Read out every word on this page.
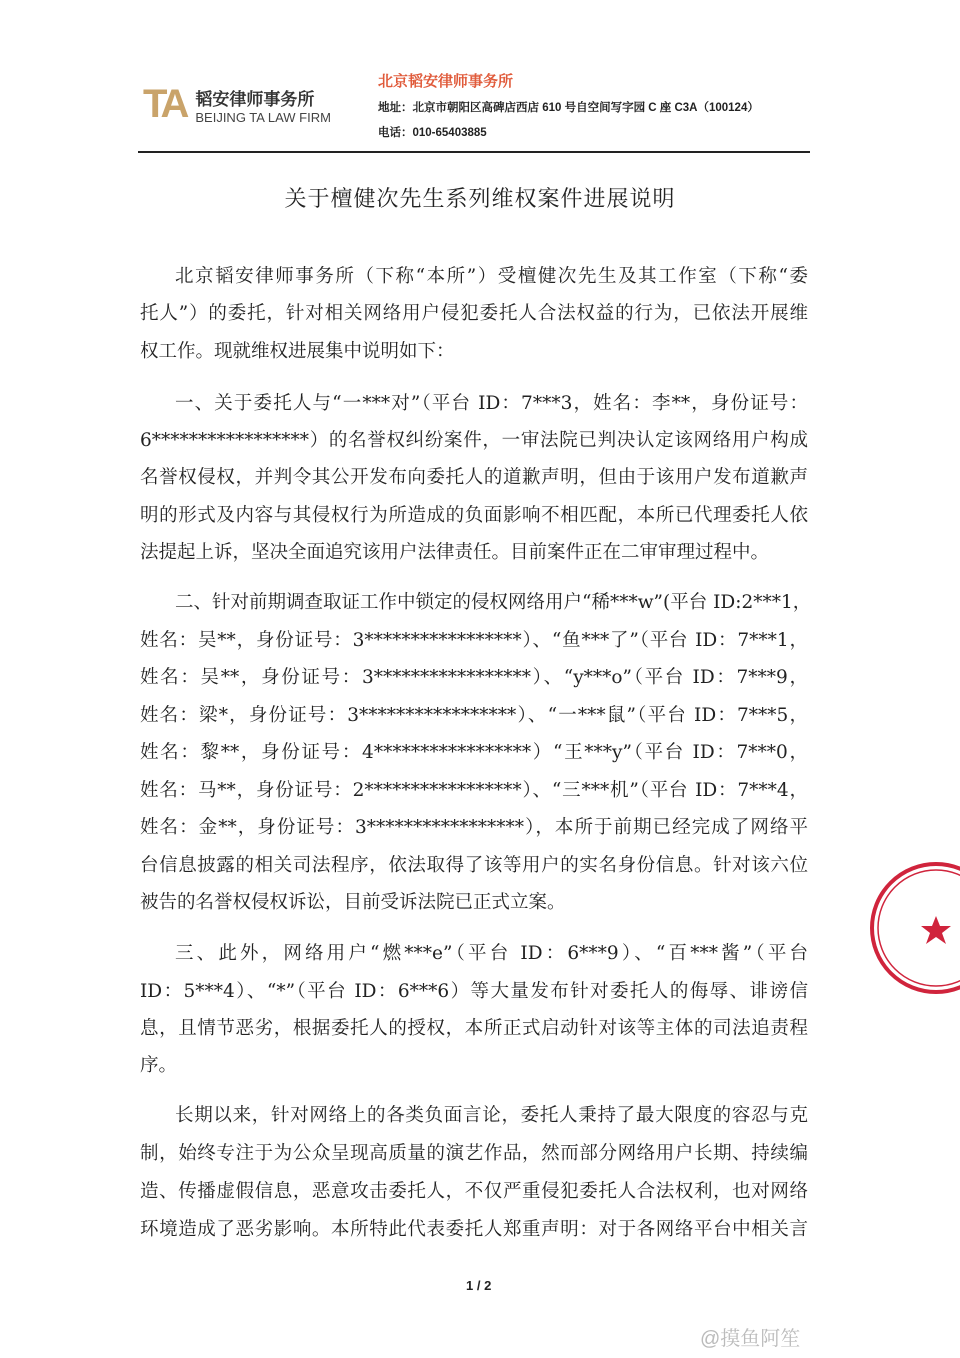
TA 韬安律师事务所
BEIJING TA LAW FIRM
北京韬安律师事务所
地址：北京市朝阳区高碑店西店 610 号自空间写字园 C 座 C3A（100124）
电话：010-65403885
关于檀健次先生系列维权案件进展说明
北京韬安律师事务所（下称“本所”）受檀健次先生及其工作室（下称“委
托人”）的委托，针对相关网络用户侵犯委托人合法权益的行为，已依法开展维
权工作。现就维权进展集中说明如下：
一、关于委托人与“一***对”（平台 ID：7***3，姓名：李**，身份证号：
6*****************）的名誉权纠纷案件，一审法院已判决认定该网络用户构成
名誉权侵权，并判令其公开发布向委托人的道歉声明，但由于该用户发布道歉声
明的形式及内容与其侵权行为所造成的负面影响不相匹配，本所已代理委托人依
法提起上诉，坚决全面追究该用户法律责任。目前案件正在二审审理过程中。
二、针对前期调查取证工作中锁定的侵权网络用户“稀***w”(平台 ID:2***1，
姓名：吴**，身份证号：3*****************）、“鱼***了”（平台 ID：7***1，
姓名：吴**，身份证号：3*****************）、“y***o”（平台 ID：7***9，
姓名：梁*，身份证号：3*****************）、“一***鼠”（平台 ID：7***5，
姓名：黎**，身份证号：4*****************）“王***y”（平台 ID：7***0，
姓名：马**，身份证号：2*****************）、“三***机”（平台 ID：7***4，
姓名：金**，身份证号：3*****************），本所于前期已经完成了网络平
台信息披露的相关司法程序，依法取得了该等用户的实名身份信息。针对该六位
被告的名誉权侵权诉讼，目前受诉法院已正式立案。
三、此外，网络用户“燃***e”（平台 ID：6***9）、“百***酱”（平台
ID：5***4）、“*”（平台 ID：6***6）等大量发布针对委托人的侮辱、诽谤信
息，且情节恶劣，根据委托人的授权，本所正式启动针对该等主体的司法追责程
序。
长期以来，针对网络上的各类负面言论，委托人秉持了最大限度的容忍与克
制，始终专注于为公众呈现高质量的演艺作品，然而部分网络用户长期、持续编
造、传播虚假信息，恶意攻击委托人，不仅严重侵犯委托人合法权利，也对网络
环境造成了恶劣影响。本所特此代表委托人郑重声明：对于各网络平台中相关言
1 / 2
@摸鱼阿笙
